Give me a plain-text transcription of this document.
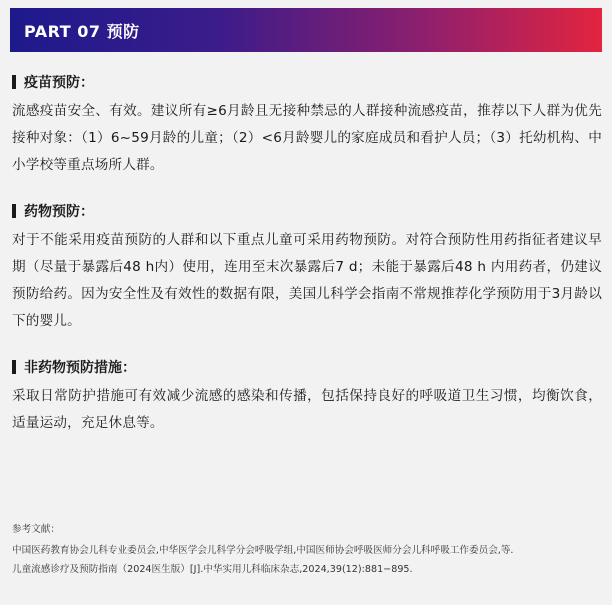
PART 07 预防
疫苗预防：
流感疫苗安全、有效。建议所有≥6月龄且无接种禁忌的人群接种流感疫苗，推荐以下人群为优先接种对象：（1）6~59月龄的儿童；（2）<6月龄婴儿的家庭成员和看护人员；（3）托幼机构、中小学校等重点场所人群。
药物预防：
对于不能采用疫苗预防的人群和以下重点儿童可采用药物预防。对符合预防性用药指征者建议早期（尽量于暴露后48 h内）使用，连用至末次暴露后7 d；未能于暴露后48 h 内用药者，仍建议预防给药。因为安全性及有效性的数据有限，美国儿科学会指南不常规推荐化学预防用于3月龄以下的婴儿。
非药物预防措施：
采取日常防护措施可有效减少流感的感染和传播，包括保持良好的呼吸道卫生习惯，均衡饮食，适量运动，充足休息等。
参考文献：
中国医药教育协会儿科专业委员会,中华医学会儿科学分会呼吸学组,中国医师协会呼吸医师分会儿科呼吸工作委员会,等.
儿童流感诊疗及预防指南（2024医生版）[J].中华实用儿科临床杂志,2024,39(12):881−895.
